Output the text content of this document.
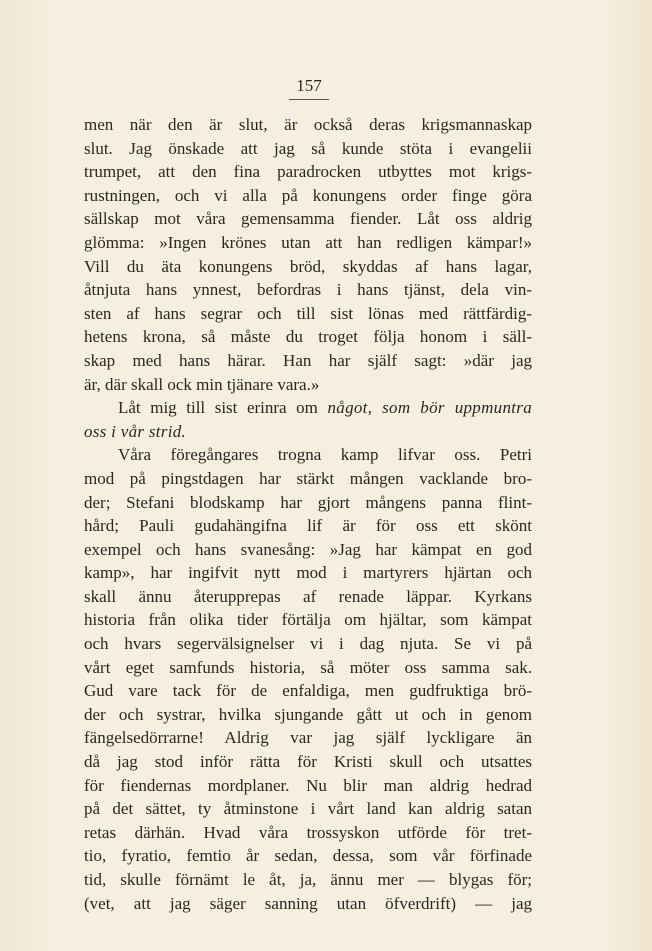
157
men när den är slut, är också deras krigsmannaskap
slut. Jag önskade att jag så kunde stöta i evangelii
trumpet, att den fina paradrocken utbyttes mot krigs-
rustningen, och vi alla på konungens order finge göra
sällskap mot våra gemensamma fiender. Låt oss aldrig
glömma: »Ingen krönes utan att han redligen kämpar!»
Vill du äta konungens bröd, skyddas af hans lagar,
åtnjuta hans ynnest, befordras i hans tjänst, dela vin-
sten af hans segrar och till sist lönas med rättfärdig-
hetens krona, så måste du troget följa honom i säll-
skap med hans härar. Han har själf sagt: »där jag
är, där skall ock min tjänare vara.»
Låt mig till sist erinra om något, som bör uppmuntra
oss i vår strid.
Våra föregångares trogna kamp lifvar oss. Petri
mod på pingstdagen har stärkt mången vacklande bro-
der; Stefani blodskamp har gjort mångens panna flint-
hård; Pauli gudahängifna lif är för oss ett skönt
exempel och hans svanesång: »Jag har kämpat en god
kamp», har ingifvit nytt mod i martyrers hjärtan och
skall ännu återupprepas af renade läppar. Kyrkans
historia från olika tider förtälja om hjältar, som kämpat
och hvars segervälsignelser vi i dag njuta. Se vi på
vårt eget samfunds historia, så möter oss samma sak.
Gud vare tack för de enfaldiga, men gudfruktiga brö-
der och systrar, hvilka sjungande gått ut och in genom
fängelsedörrarne! Aldrig var jag själf lyckligare än
då jag stod inför rätta för Kristi skull och utsattes
för fiendernas mordplaner. Nu blir man aldrig hedrad
på det sättet, ty åtminstone i vårt land kan aldrig satan
retas därhän. Hvad våra trossyskon utförde för tret-
tio, fyratio, femtio år sedan, dessa, som vår förfinade
tid, skulle förnämt le åt, ja, ännu mer — blygas för;
(vet, att jag säger sanning utan öfverdrift) — jag
